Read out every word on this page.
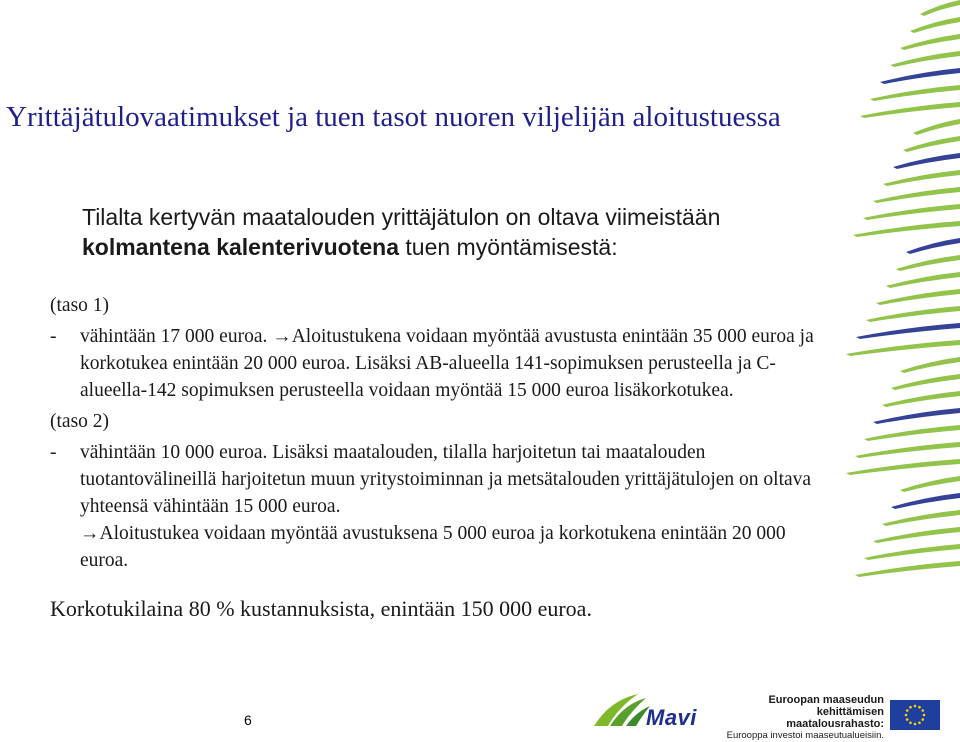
Yrittäjätulovaatimukset ja tuen tasot nuoren viljelijän aloitustuessa
Tilalta kertyvän maatalouden yrittäjätulon on oltava viimeistään kolmantena kalenterivuotena tuen myöntämisestä:

(taso 1)

- vähintään 17 000 euroa. →Aloitustukena voidaan myöntää avustusta enintään 35 000 euroa ja korkotukea enintään 20 000 euroa. Lisäksi AB-alueella 141-sopimuksen perusteella ja C-alueella-142 sopimuksen perusteella voidaan myöntää 15 000 euroa lisäkorkotukea.

(taso 2)

- vähintään 10 000 euroa. Lisäksi maatalouden, tilalla harjoitetun tai maatalouden tuotantovälineillä harjoitetun muun yritystoiminnan ja metsätalouden yrittäjätulojen on oltava yhteensä vähintään 15 000 euroa.

→Aloitustukea voidaan myöntää avustuksena 5 000 euroa ja korkotukena enintään 20 000 euroa.

Korkotukilaina 80 % kustannuksista, enintään 150 000 euroa.
6	Mavi
Euroopan maaseudun
kehittämisen maatalousrahasto:
Eurooppa investoi maaseutualueisiin.
